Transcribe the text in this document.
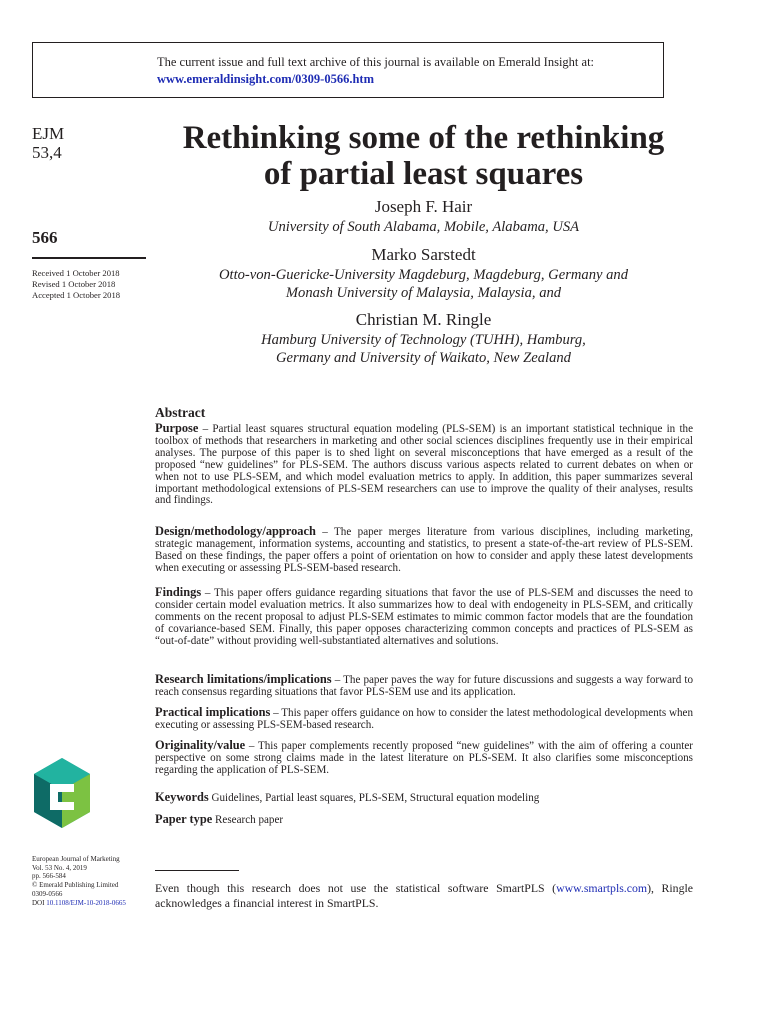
The current issue and full text archive of this journal is available on Emerald Insight at:
www.emeraldinsight.com/0309-0566.htm
EJM
53,4
566
Received 1 October 2018
Revised 1 October 2018
Accepted 1 October 2018
Rethinking some of the rethinking
of partial least squares
Joseph F. Hair
University of South Alabama, Mobile, Alabama, USA
Marko Sarstedt
Otto-von-Guericke-University Magdeburg, Magdeburg, Germany and
Monash University of Malaysia, Malaysia, and
Christian M. Ringle
Hamburg University of Technology (TUHH), Hamburg,
Germany and University of Waikato, New Zealand
Abstract
Purpose – Partial least squares structural equation modeling (PLS-SEM) is an important statistical technique in the toolbox of methods that researchers in marketing and other social sciences disciplines frequently use in their empirical analyses. The purpose of this paper is to shed light on several misconceptions that have emerged as a result of the proposed “new guidelines” for PLS-SEM. The authors discuss various aspects related to current debates on when or when not to use PLS-SEM, and which model evaluation metrics to apply. In addition, this paper summarizes several important methodological extensions of PLS-SEM researchers can use to improve the quality of their analyses, results and findings.
Design/methodology/approach – The paper merges literature from various disciplines, including marketing, strategic management, information systems, accounting and statistics, to present a state-of-the-art review of PLS-SEM. Based on these findings, the paper offers a point of orientation on how to consider and apply these latest developments when executing or assessing PLS-SEM-based research.
Findings – This paper offers guidance regarding situations that favor the use of PLS-SEM and discusses the need to consider certain model evaluation metrics. It also summarizes how to deal with endogeneity in PLS-SEM, and critically comments on the recent proposal to adjust PLS-SEM estimates to mimic common factor models that are the foundation of covariance-based SEM. Finally, this paper opposes characterizing common concepts and practices of PLS-SEM as “out-of-date” without providing well-substantiated alternatives and solutions.
Research limitations/implications – The paper paves the way for future discussions and suggests a way forward to reach consensus regarding situations that favor PLS-SEM use and its application.
Practical implications – This paper offers guidance on how to consider the latest methodological developments when executing or assessing PLS-SEM-based research.
Originality/value – This paper complements recently proposed “new guidelines” with the aim of offering a counter perspective on some strong claims made in the latest literature on PLS-SEM. It also clarifies some misconceptions regarding the application of PLS-SEM.
Keywords Guidelines, Partial least squares, PLS-SEM, Structural equation modeling
Paper type Research paper
European Journal of Marketing
Vol. 53 No. 4, 2019
pp. 566-584
© Emerald Publishing Limited
0309-0566
DOI 10.1108/EJM-10-2018-0665
Even though this research does not use the statistical software SmartPLS (www.smartpls.com), Ringle acknowledges a financial interest in SmartPLS.
